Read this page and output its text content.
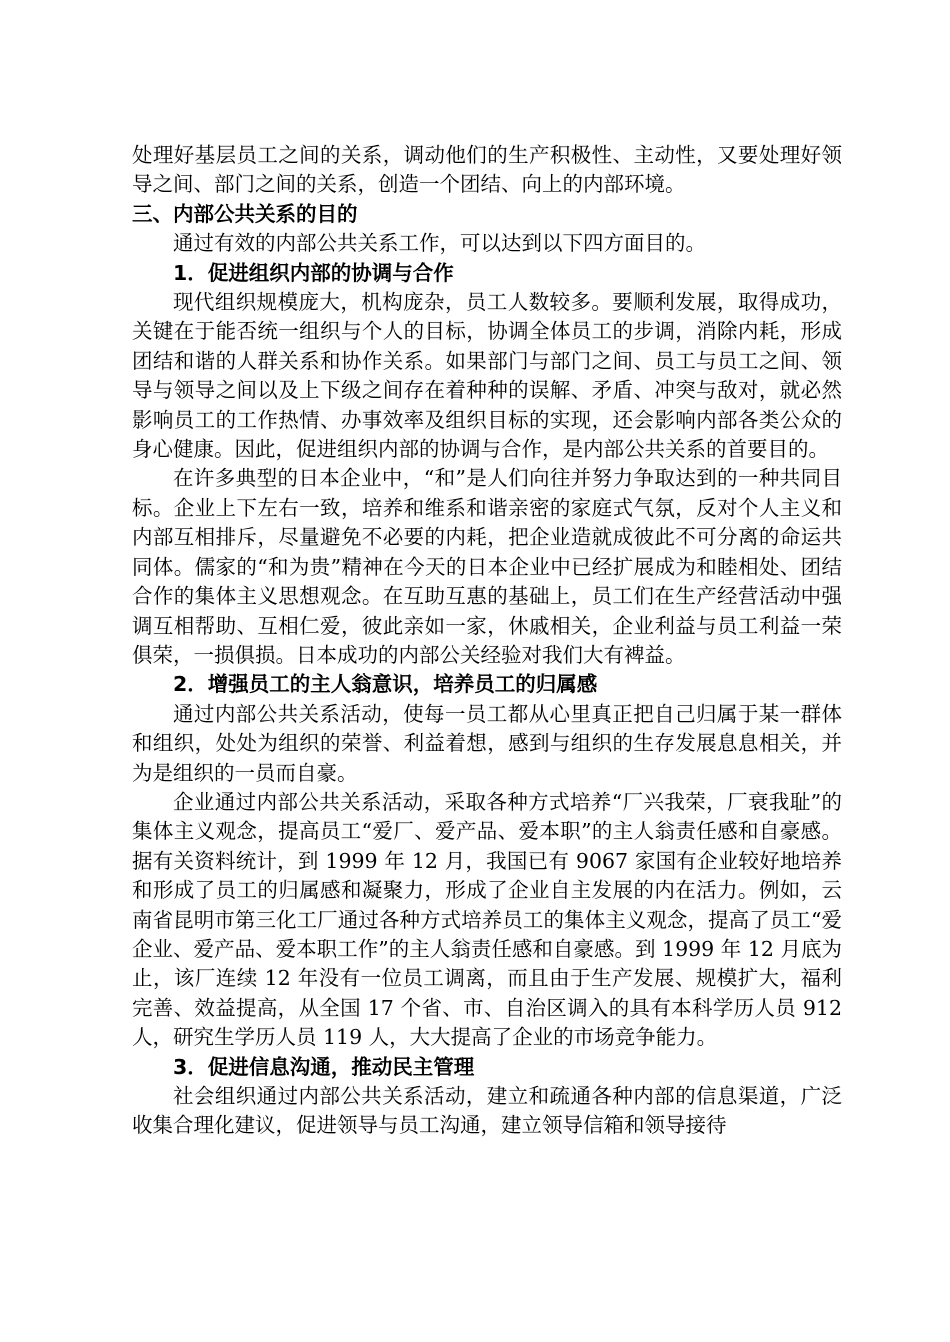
处理好基层员工之间的关系，调动他们的生产积极性、主动性，又要处理好领导之间、部门之间的关系，创造一个团结、向上的内部环境。

三、内部公共关系的目的

通过有效的内部公共关系工作，可以达到以下四方面目的。

1．促进组织内部的协调与合作

现代组织规模庞大，机构庞杂，员工人数较多。要顺利发展，取得成功，关键在于能否统一组织与个人的目标，协调全体员工的步调，消除内耗，形成团结和谐的人群关系和协作关系。如果部门与部门之间、员工与员工之间、领导与领导之间以及上下级之间存在着种种的误解、矛盾、冲突与敌对，就必然影响员工的工作热情、办事效率及组织目标的实现，还会影响内部各类公众的身心健康。因此，促进组织内部的协调与合作，是内部公共关系的首要目的。

在许多典型的日本企业中，“和”是人们向往并努力争取达到的一种共同目标。企业上下左右一致，培养和维系和谐亲密的家庭式气氛，反对个人主义和内部互相排斥，尽量避免不必要的内耗，把企业造就成彼此不可分离的命运共同体。儒家的“和为贵”精神在今天的日本企业中已经扩展成为和睦相处、团结合作的集体主义思想观念。在互助互惠的基础上，员工们在生产经营活动中强调互相帮助、互相仁爱，彼此亲如一家，休戚相关，企业利益与员工利益一荣俱荣，一损俱损。日本成功的内部公关经验对我们大有裨益。

2．增强员工的主人翁意识，培养员工的归属感

通过内部公共关系活动，使每一员工都从心里真正把自己归属于某一群体和组织，处处为组织的荣誉、利益着想，感到与组织的生存发展息息相关，并为是组织的一员而自豪。

企业通过内部公共关系活动，采取各种方式培养“厂兴我荣，厂衰我耻”的集体主义观念，提高员工“爱厂、爱产品、爱本职”的主人翁责任感和自豪感。据有关资料统计，到 1999 年 12 月，我国已有 9067 家国有企业较好地培养和形成了员工的归属感和凝聚力，形成了企业自主发展的内在活力。例如，云南省昆明市第三化工厂通过各种方式培养员工的集体主义观念，提高了员工“爱企业、爱产品、爱本职工作”的主人翁责任感和自豪感。到 1999 年 12 月底为止，该厂连续 12 年没有一位员工调离，而且由于生产发展、规模扩大，福利完善、效益提高，从全国 17 个省、市、自治区调入的具有本科学历人员 912 人，研究生学历人员 119 人，大大提高了企业的市场竞争能力。

3．促进信息沟通，推动民主管理

社会组织通过内部公共关系活动，建立和疏通各种内部的信息渠道，广泛收集合理化建议，促进领导与员工沟通，建立领导信箱和领导接待
